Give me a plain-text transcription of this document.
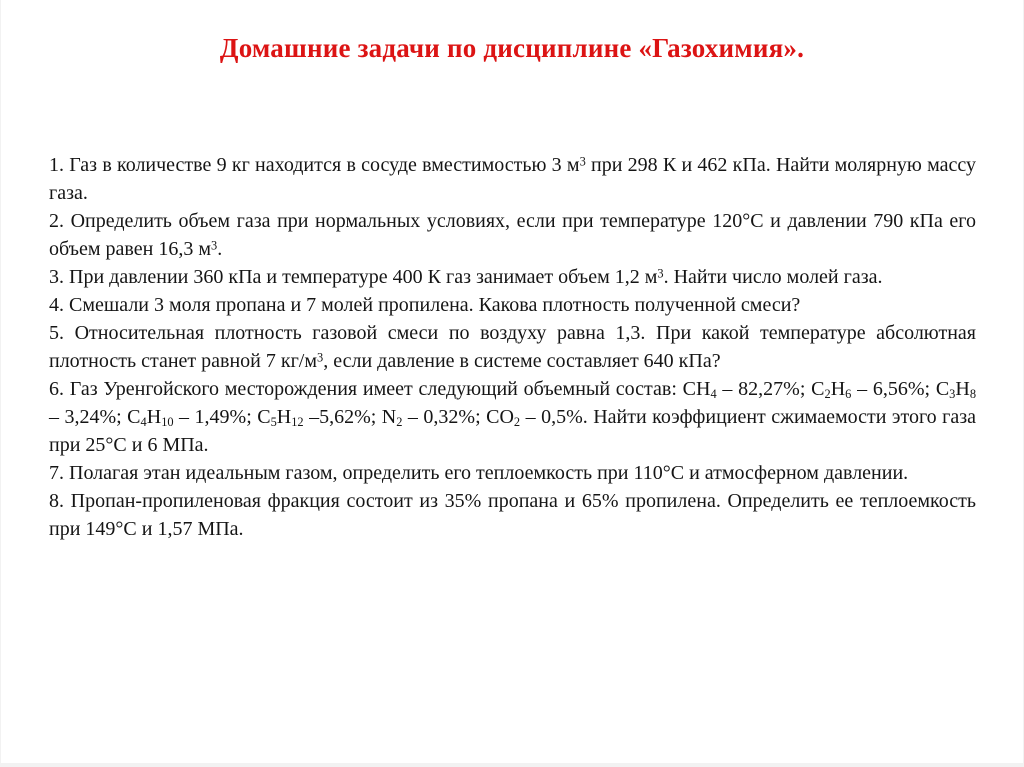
Домашние задачи по дисциплине «Газохимия».

1. Газ в количестве 9 кг находится в сосуде вместимостью 3 $м^3$ при 298 К и 462 кПа. Найти молярную массу газа.

2. Определить объем газа при нормальных условиях, если при температуре 120°С и давлении 790 кПа его объем равен 16,3 $м^3$.

3. При давлении 360 кПа и температуре 400 К газ занимает объем 1,2 $м^3$. Найти число молей газа.

4. Смешали 3 моля пропана и 7 молей пропилена. Какова плотность полученной смеси?

5. Относительная плотность газовой смеси по воздуху равна 1,3. При какой температуре абсолютная плотность станет равной 7 $кг/м^3$, если давление в системе составляет 640 кПа?

6. Газ Уренгойского месторождения имеет следующий объемный состав: $CH_4 - 82,27\%$; $C_2H_6 - 6,56\%$; $C_3H_8 - 3,24\%$; $C_4H_{10} - 1,49\%$; $C_5H_{12}$ –5,62%; $N_2 - 0,32\%$; $CO_2 - 0,5\%$. Найти коэффициент сжимаемости этого газа при 25°С и 6 МПа.

7. Полагая этан идеальным газом, определить его теплоемкость при 110°С и атмосферном давлении.

8. Пропан-пропиленовая фракция состоит из 35% пропана и 65% пропилена. Определить ее теплоемкость при 149°С и 1,57 МПа.
